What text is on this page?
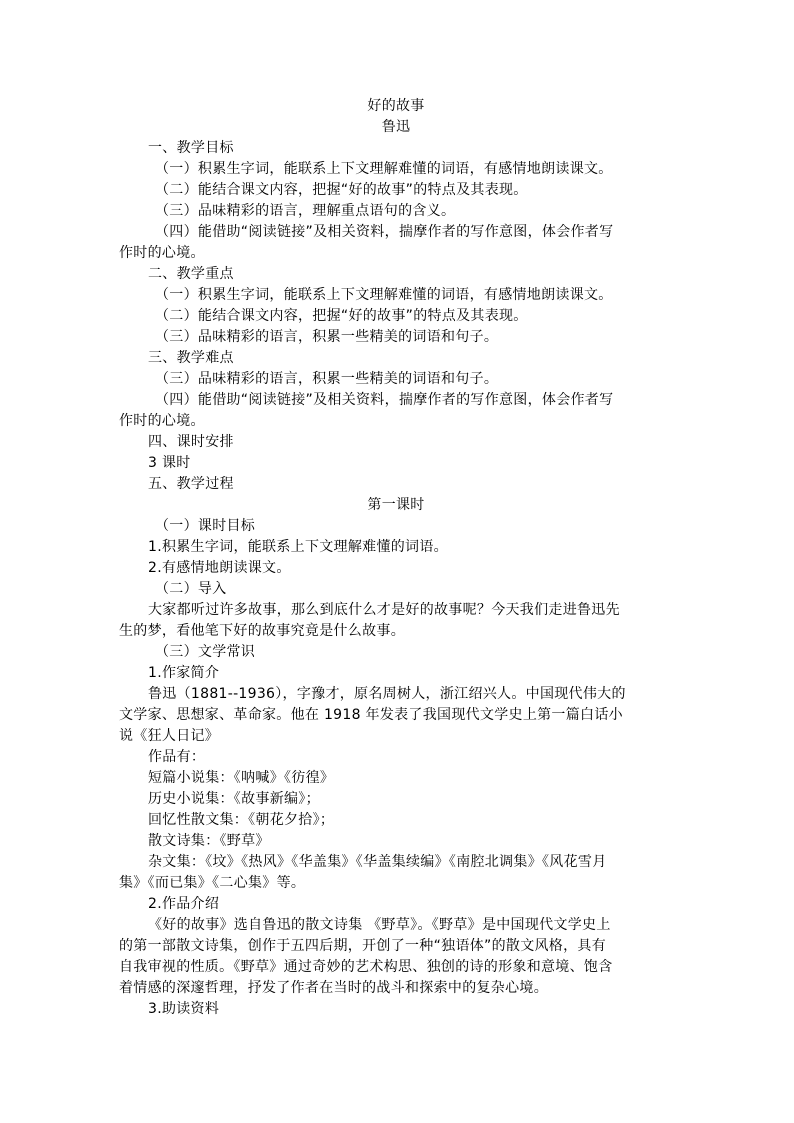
好的故事
鲁迅
一、教学目标
（一）积累生字词，能联系上下文理解难懂的词语，有感情地朗读课文。
（二）能结合课文内容，把握“好的故事”的特点及其表现。
（三）品味精彩的语言，理解重点语句的含义。
（四）能借助“阅读链接”及相关资料，揣摩作者的写作意图，体会作者写
作时的心境。
二、教学重点
（一）积累生字词，能联系上下文理解难懂的词语，有感情地朗读课文。
（二）能结合课文内容，把握“好的故事”的特点及其表现。
（三）品味精彩的语言，积累一些精美的词语和句子。
三、教学难点
（三）品味精彩的语言，积累一些精美的词语和句子。
（四）能借助“阅读链接”及相关资料，揣摩作者的写作意图，体会作者写
作时的心境。
四、课时安排
3 课时
五、教学过程
第一课时
（一）课时目标
1.积累生字词，能联系上下文理解难懂的词语。
2.有感情地朗读课文。
（二）导入
大家都听过许多故事，那么到底什么才是好的故事呢？今天我们走进鲁迅先
生的梦，看他笔下好的故事究竟是什么故事。
（三）文学常识
1.作家简介
鲁迅（1881--1936），字豫才，原名周树人，浙江绍兴人。中国现代伟大的
文学家、思想家、革命家。他在 1918 年发表了我国现代文学史上第一篇白话小
说《狂人日记》
作品有：
短篇小说集：《呐喊》《彷徨》
历史小说集：《故事新编》；
回忆性散文集：《朝花夕拾》；
散文诗集：《野草》
杂文集：《坟》《热风》《华盖集》《华盖集续编》《南腔北调集》《风花雪月
集》《而已集》《二心集》等。
2.作品介绍
《好的故事》选自鲁迅的散文诗集 《野草》。《野草》是中国现代文学史上
的第一部散文诗集，创作于五四后期，开创了一种“独语体”的散文风格，具有
自我审视的性质。《野草》通过奇妙的艺术构思、独创的诗的形象和意境、饱含
着情感的深邃哲理，抒发了作者在当时的战斗和探索中的复杂心境。
3.助读资料
